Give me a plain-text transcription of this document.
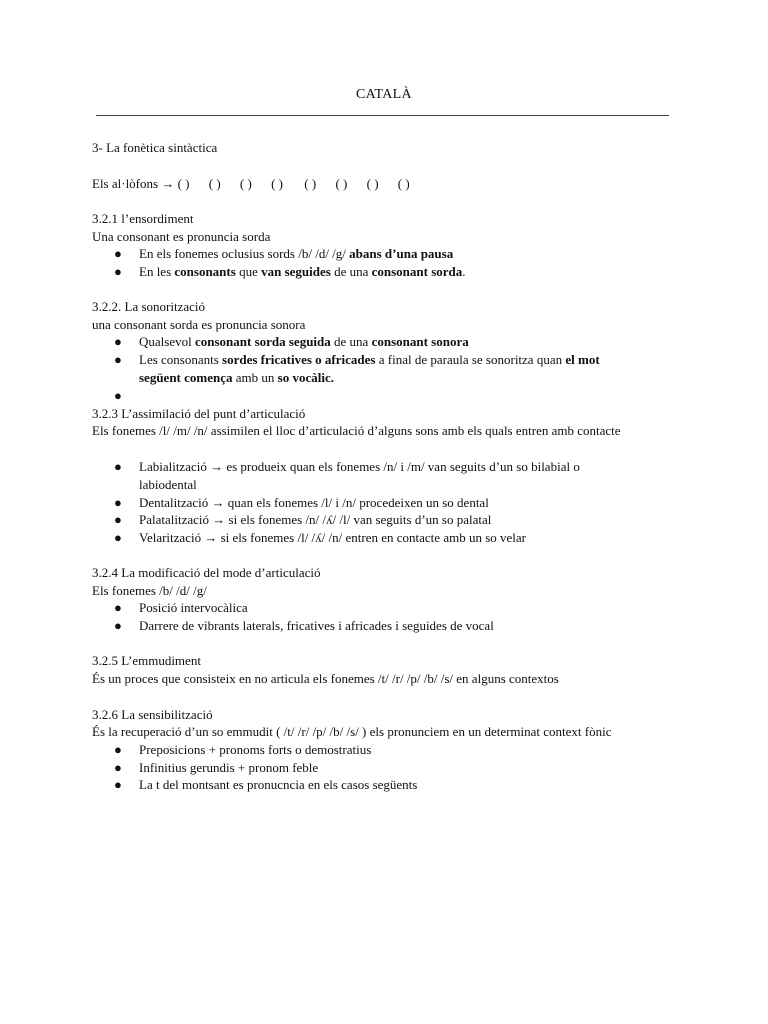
CATALÀ
3- La fonètica sintàctica
Els al·lòfons → ( ) ( ) ( ) ( ) ( ) ( ) ( ) ( )
3.2.1 l’ensordiment
Una consonant es pronuncia sorda
● En els fonemes oclusius sords /b/ /d/ /g/ abans d’una pausa
● En les consonants que van seguides de una consonant sorda.
3.2.2. La sonorització
una consonant sorda es pronuncia sonora
● Qualsevol consonant sorda seguida de una consonant sonora
● Les consonants sordes fricatives o africades a final de paraula se sonoritza quan el mot
següent comença amb un so vocàlic.
●
3.2.3 L’assimilació del punt d’articulació
Els fonemes /l/ /m/ /n/ assimilen el lloc d’articulació d’alguns sons amb els quals entren amb contacte
● Labialització → es produeix quan els fonemes /n/ i /m/ van seguits d’un so bilabial o
labiodental
● Dentalització → quan els fonemes /l/ i /n/ procedeixen un so dental
● Palatalització → si els fonemes /n/ /ʎ/ /l/ van seguits d’un so palatal
● Velarització → si els fonemes /l/ /ʎ/ /n/ entren en contacte amb un so velar
3.2.4 La modificació del mode d’articulació
Els fonemes /b/ /d/ /g/
● Posició intervocàlica
● Darrere de vibrants laterals, fricatives i africades i seguides de vocal
3.2.5 L’emmudiment
És un proces que consisteix en no articula els fonemes /t/ /r/ /p/ /b/ /s/ en alguns contextos
3.2.6 La sensibilització
És la recuperació d’un so emmudit ( /t/ /r/ /p/ /b/ /s/ ) els pronunciem en un determinat context fònic
● Preposicions + pronoms forts o demostratius
● Infinitius gerundis + pronom feble
● La t del montsant es pronucncia en els casos següents
